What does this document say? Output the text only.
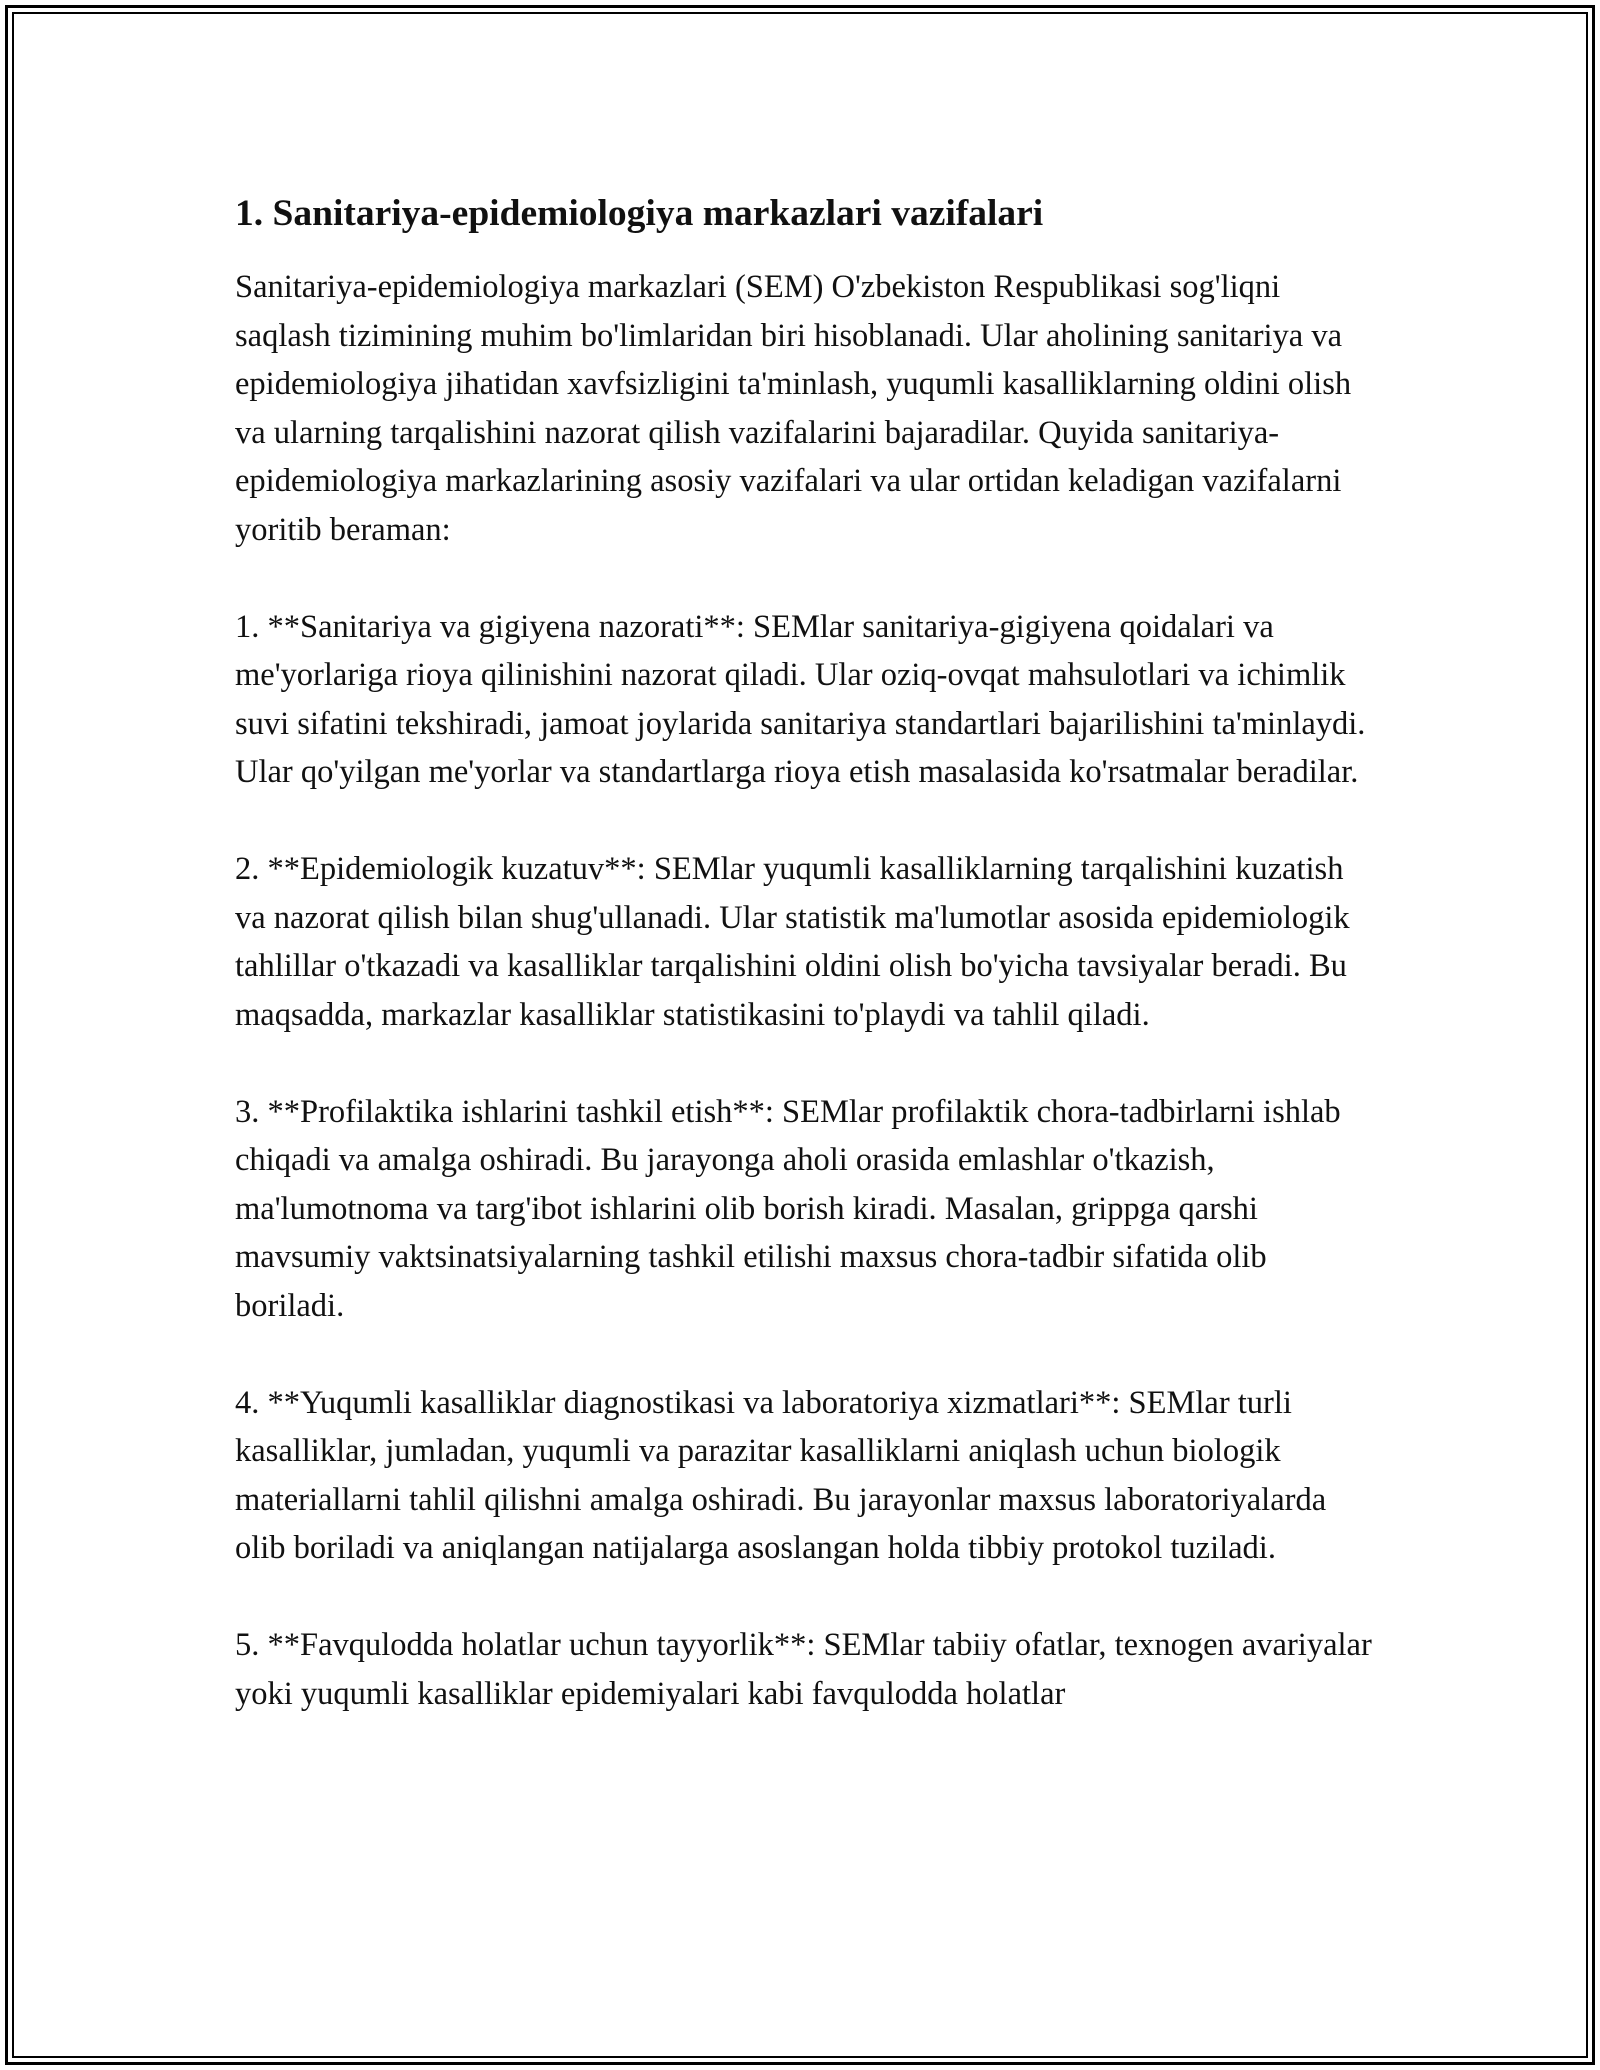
1. Sanitariya-epidemiologiya markazlari vazifalari

Sanitariya-epidemiologiya markazlari (SEM) O'zbekiston Respublikasi sog'liqni saqlash tizimining muhim bo'limlaridan biri hisoblanadi. Ular aholining sanitariya va epidemiologiya jihatidan xavfsizligini ta'minlash, yuqumli kasalliklarning oldini olish va ularning tarqalishini nazorat qilish vazifalarini bajaradilar. Quyida sanitariya-epidemiologiya markazlarining asosiy vazifalari va ular ortidan keladigan vazifalarni yoritib beraman:

1. **Sanitariya va gigiyena nazorati**: SEMlar sanitariya-gigiyena qoidalari va me'yorlariga rioya qilinishini nazorat qiladi. Ular oziq-ovqat mahsulotlari va ichimlik suvi sifatini tekshiradi, jamoat joylarida sanitariya standartlari bajarilishini ta'minlaydi. Ular qo'yilgan me'yorlar va standartlarga rioya etish masalasida ko'rsatmalar beradilar.

2. **Epidemiologik kuzatuv**: SEMlar yuqumli kasalliklarning tarqalishini kuzatish va nazorat qilish bilan shug'ullanadi. Ular statistik ma'lumotlar asosida epidemiologik tahlillar o'tkazadi va kasalliklar tarqalishini oldini olish bo'yicha tavsiyalar beradi. Bu maqsadda, markazlar kasalliklar statistikasini to'playdi va tahlil qiladi.

3. **Profilaktika ishlarini tashkil etish**: SEMlar profilaktik chora-tadbirlarni ishlab chiqadi va amalga oshiradi. Bu jarayonga aholi orasida emlashlar o'tkazish, ma'lumotnoma va targ'ibot ishlarini olib borish kiradi. Masalan, grippga qarshi mavsumiy vaktsinatsiyalarning tashkil etilishi maxsus chora-tadbir sifatida olib boriladi.

4. **Yuqumli kasalliklar diagnostikasi va laboratoriya xizmatlari**: SEMlar turli kasalliklar, jumladan, yuqumli va parazitar kasalliklarni aniqlash uchun biologik materiallarni tahlil qilishni amalga oshiradi. Bu jarayonlar maxsus laboratoriyalarda olib boriladi va aniqlangan natijalarga asoslangan holda tibbiy protokol tuziladi.

5. **Favqulodda holatlar uchun tayyorlik**: SEMlar tabiiy ofatlar, texnogen avariyalar yoki yuqumli kasalliklar epidemiyalari kabi favqulodda holatlar
